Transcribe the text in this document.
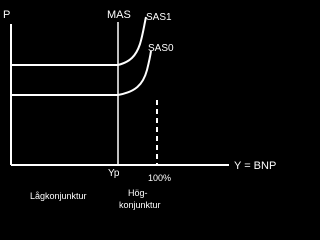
P	MAS SAS1
SAS0
Yp	100%
Y = BNP
Lågkonjunktur	Hög-
konjunktur
